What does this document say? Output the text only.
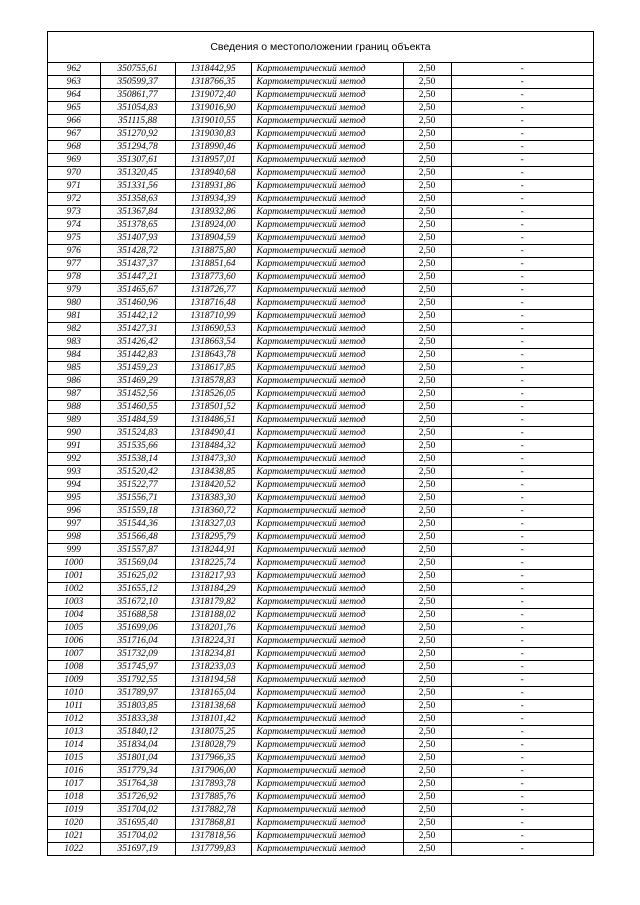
Сведения о местоположении границ объекта
962	350755,61	1318442,95	Картометрический метод	2,50	-
963	350599,37	1318766,35	Картометрический метод	2,50	-
964	350861,77	1319072,40	Картометрический метод	2,50	-
965	351054,83	1319016,90	Картометрический метод	2,50	-
966	351115,88	1319010,55	Картометрический метод	2,50	-
967	351270,92	1319030,83	Картометрический метод	2,50	-
968	351294,78	1318990,46	Картометрический метод	2,50	-
969	351307,61	1318957,01	Картометрический метод	2,50	-
970	351320,45	1318940,68	Картометрический метод	2,50	-
971	351331,56	1318931,86	Картометрический метод	2,50	-
972	351358,63	1318934,39	Картометрический метод	2,50	-
973	351367,84	1318932,86	Картометрический метод	2,50	-
974	351378,65	1318924,00	Картометрический метод	2,50	-
975	351407,93	1318904,59	Картометрический метод	2,50	-
976	351428,72	1318875,80	Картометрический метод	2,50	-
977	351437,37	1318851,64	Картометрический метод	2,50	-
978	351447,21	1318773,60	Картометрический метод	2,50	-
979	351465,67	1318726,77	Картометрический метод	2,50	-
980	351460,96	1318716,48	Картометрический метод	2,50	-
981	351442,12	1318710,99	Картометрический метод	2,50	-
982	351427,31	1318690,53	Картометрический метод	2,50	-
983	351426,42	1318663,54	Картометрический метод	2,50	-
984	351442,83	1318643,78	Картометрический метод	2,50	-
985	351459,23	1318617,85	Картометрический метод	2,50	-
986	351469,29	1318578,83	Картометрический метод	2,50	-
987	351452,56	1318526,05	Картометрический метод	2,50	-
988	351460,55	1318501,52	Картометрический метод	2,50	-
989	351484,59	1318486,51	Картометрический метод	2,50	-
990	351524,83	1318490,41	Картометрический метод	2,50	-
991	351535,66	1318484,32	Картометрический метод	2,50	-
992	351538,14	1318473,30	Картометрический метод	2,50	-
993	351520,42	1318438,85	Картометрический метод	2,50	-
994	351522,77	1318420,52	Картометрический метод	2,50	-
995	351556,71	1318383,30	Картометрический метод	2,50	-
996	351559,18	1318360,72	Картометрический метод	2,50	-
997	351544,36	1318327,03	Картометрический метод	2,50	-
998	351566,48	1318295,79	Картометрический метод	2,50	-
999	351557,87	1318244,91	Картометрический метод	2,50	-
1000	351569,04	1318225,74	Картометрический метод	2,50	-
1001	351625,02	1318217,93	Картометрический метод	2,50	-
1002	351655,12	1318184,29	Картометрический метод	2,50	-
1003	351672,10	1318179,82	Картометрический метод	2,50	-
1004	351688,58	1318188,02	Картометрический метод	2,50	-
1005	351699,06	1318201,76	Картометрический метод	2,50	-
1006	351716,04	1318224,31	Картометрический метод	2,50	-
1007	351732,09	1318234,81	Картометрический метод	2,50	-
1008	351745,97	1318233,03	Картометрический метод	2,50	-
1009	351792,55	1318194,58	Картометрический метод	2,50	-
1010	351789,97	1318165,04	Картометрический метод	2,50	-
1011	351803,85	1318138,68	Картометрический метод	2,50	-
1012	351833,38	1318101,42	Картометрический метод	2,50	-
1013	351840,12	1318075,25	Картометрический метод	2,50	-
1014	351834,04	1318028,79	Картометрический метод	2,50	-
1015	351801,04	1317966,35	Картометрический метод	2,50	-
1016	351779,34	1317906,00	Картометрический метод	2,50	-
1017	351764,38	1317893,78	Картометрический метод	2,50	-
1018	351726,92	1317885,76	Картометрический метод	2,50	-
1019	351704,02	1317882,78	Картометрический метод	2,50	-
1020	351695,40	1317868,81	Картометрический метод	2,50	-
1021	351704,02	1317818,56	Картометрический метод	2,50	-
1022	351697,19	1317799,83	Картометрический метод	2,50	-
